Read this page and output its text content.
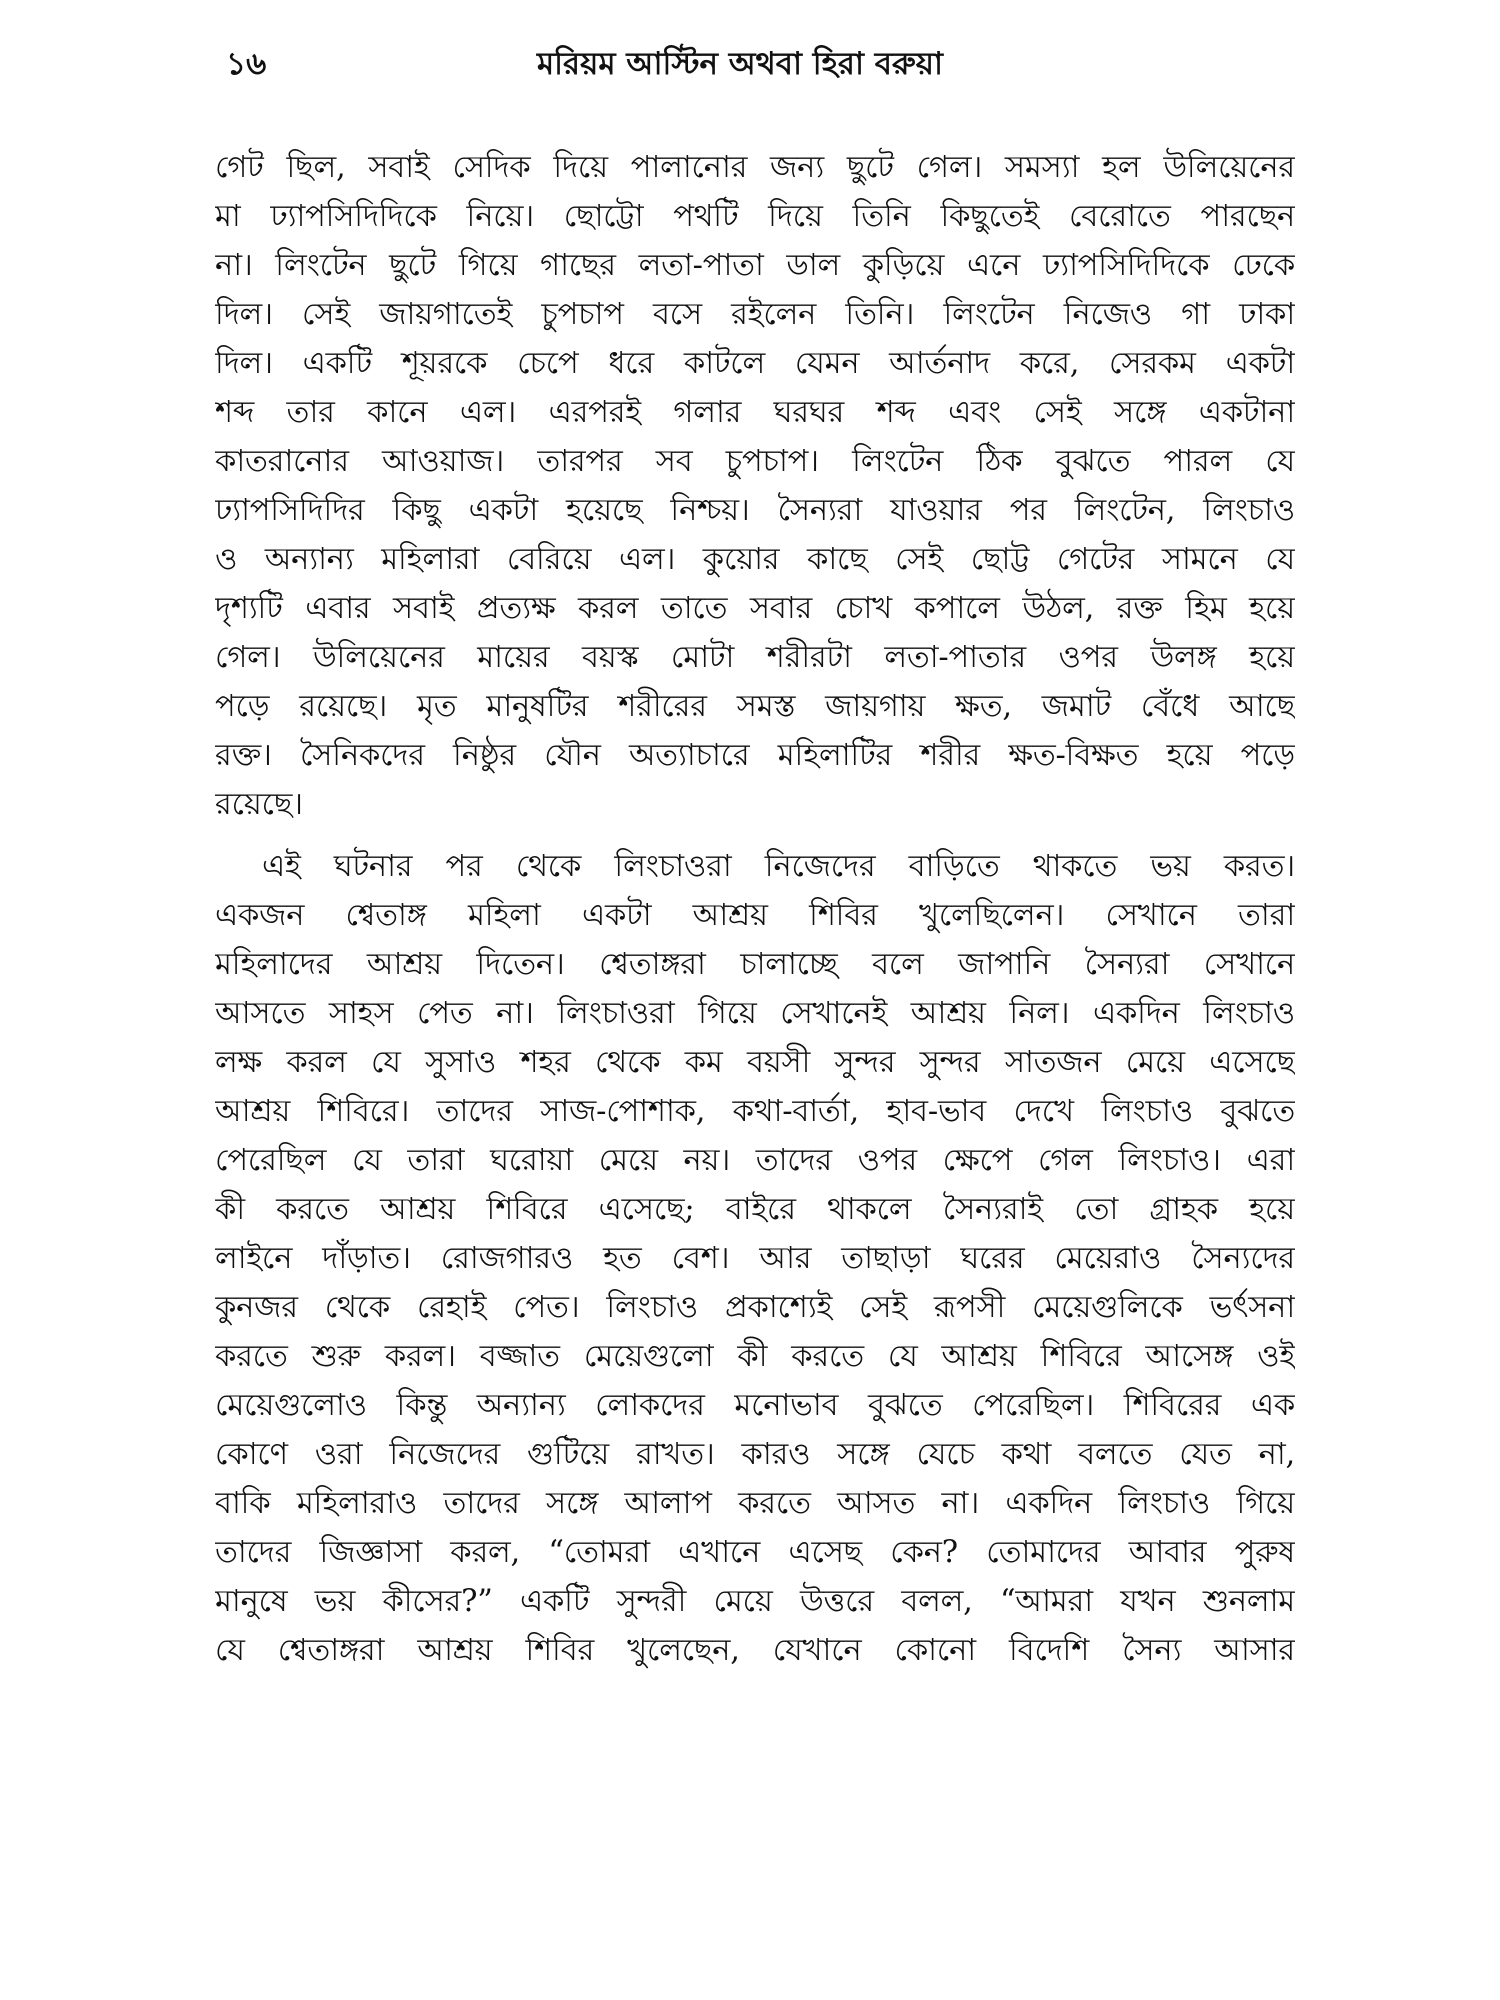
১৬	মরিয়ম আস্টিন অথবা হিরা বরুয়া

গেট ছিল, সবাই সেদিক দিয়ে পালানোর জন্য ছুটে গেল। সমস্যা হল উলিয়েনের

মা ঢ্যাপসিদিদিকে নিয়ে। ছোট্টো পথটি দিয়ে তিনি কিছুতেই বেরোতে পারছেন

না। লিংটেন ছুটে গিয়ে গাছের লতা-পাতা ডাল কুড়িয়ে এনে ঢ্যাপসিদিদিকে ঢেকে

দিল। সেই জায়গাতেই চুপচাপ বসে রইলেন তিনি। লিংটেন নিজেও গা ঢাকা

দিল। একটি শূয়রকে চেপে ধরে কাটলে যেমন আর্তনাদ করে, সেরকম একটা

শব্দ তার কানে এল। এরপরই গলার ঘরঘর শব্দ এবং সেই সঙ্গে একটানা

কাতরানোর আওয়াজ। তারপর সব চুপচাপ। লিংটেন ঠিক বুঝতে পারল যে

ঢ্যাপসিদিদির কিছু একটা হয়েছে নিশ্চয়। সৈন্যরা যাওয়ার পর লিংটেন, লিংচাও

ও অন্যান্য মহিলারা বেরিয়ে এল। কুয়োর কাছে সেই ছোট্ট গেটের সামনে যে

দৃশ্যটি এবার সবাই প্রত্যক্ষ করল তাতে সবার চোখ কপালে উঠল, রক্ত হিম হয়ে

গেল। উলিয়েনের মায়ের বয়স্ক মোটা শরীরটা লতা-পাতার ওপর উলঙ্গ হয়ে

পড়ে রয়েছে। মৃত মানুষটির শরীরের সমস্ত জায়গায় ক্ষত, জমাট বেঁধে আছে

রক্ত। সৈনিকদের নিষ্ঠুর যৌন অত্যাচারে মহিলাটির শরীর ক্ষত-বিক্ষত হয়ে পড়ে

রয়েছে।

এই ঘটনার পর থেকে লিংচাওরা নিজেদের বাড়িতে থাকতে ভয় করত।

একজন শ্বেতাঙ্গ মহিলা একটা আশ্রয় শিবির খুলেছিলেন। সেখানে তারা

মহিলাদের আশ্রয় দিতেন। শ্বেতাঙ্গরা চালাচ্ছে বলে জাপানি সৈন্যরা সেখানে

আসতে সাহস পেত না। লিংচাওরা গিয়ে সেখানেই আশ্রয় নিল। একদিন লিংচাও

লক্ষ করল যে সুসাও শহর থেকে কম বয়সী সুন্দর সুন্দর সাতজন মেয়ে এসেছে

আশ্রয় শিবিরে। তাদের সাজ-পোশাক, কথা-বার্তা, হাব-ভাব দেখে লিংচাও বুঝতে

পেরেছিল যে তারা ঘরোয়া মেয়ে নয়। তাদের ওপর ক্ষেপে গেল লিংচাও। এরা

কী করতে আশ্রয় শিবিরে এসেছে; বাইরে থাকলে সৈন্যরাই তো গ্রাহক হয়ে

লাইনে দাঁড়াত। রোজগারও হত বেশ। আর তাছাড়া ঘরের মেয়েরাও সৈন্যদের

কুনজর থেকে রেহাই পেত। লিংচাও প্রকাশ্যেই সেই রূপসী মেয়েগুলিকে ভর্ৎসনা

করতে শুরু করল। বজ্জাত মেয়েগুলো কী করতে যে আশ্রয় শিবিরে আসেঙ্গ ওই

মেয়েগুলোও কিন্তু অন্যান্য লোকদের মনোভাব বুঝতে পেরেছিল। শিবিরের এক

কোণে ওরা নিজেদের গুটিয়ে রাখত। কারও সঙ্গে যেচে কথা বলতে যেত না,

বাকি মহিলারাও তাদের সঙ্গে আলাপ করতে আসত না। একদিন লিংচাও গিয়ে

তাদের জিজ্ঞাসা করল, “তোমরা এখানে এসেছ কেন? তোমাদের আবার পুরুষ

মানুষে ভয় কীসের?” একটি সুন্দরী মেয়ে উত্তরে বলল, “আমরা যখন শুনলাম

যে শ্বেতাঙ্গরা আশ্রয় শিবির খুলেছেন, যেখানে কোনো বিদেশি সৈন্য আসার
